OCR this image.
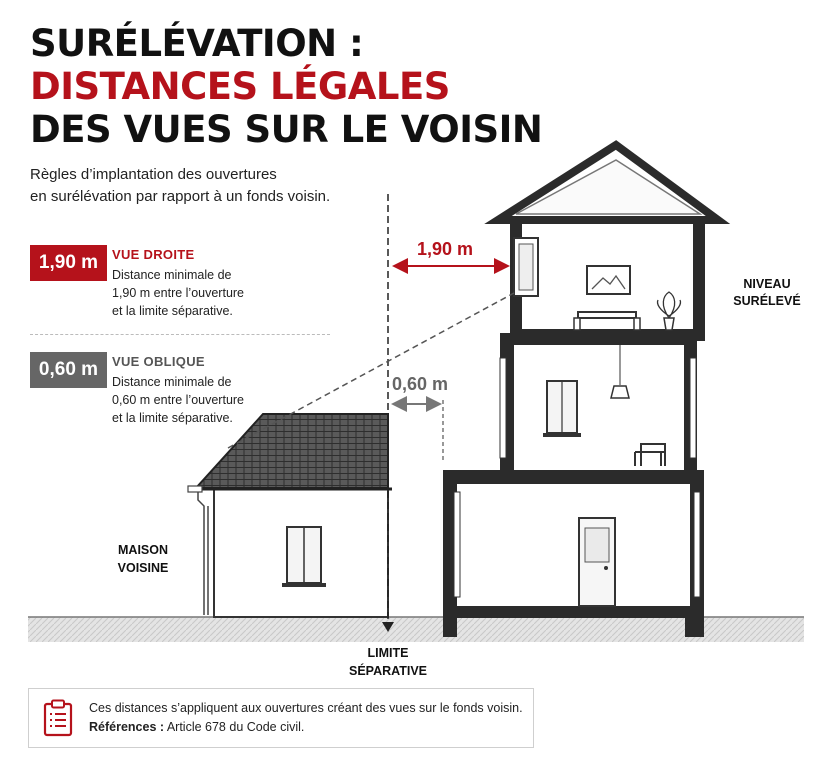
SURÉLÉVATION :
DISTANCES LÉGALES
DES VUES SUR LE VOISIN
Règles d’implantation des ouvertures
en surélévation par rapport à un fonds voisin.
1,90 m	VUE DROITE
Distance minimale de
1,90 m entre l’ouverture
et la limite séparative.
0,60 m	VUE OBLIQUE
Distance minimale de
0,60 m entre l’ouverture
et la limite séparative.
1,90 m
0,60 m
NIVEAU
SURÉLEVÉ
MAISON
VOISINE
LIMITE
SÉPARATIVE
Ces distances s’appliquent aux ouvertures créant des vues sur le fonds voisin.
Références : Article 678 du Code civil.
